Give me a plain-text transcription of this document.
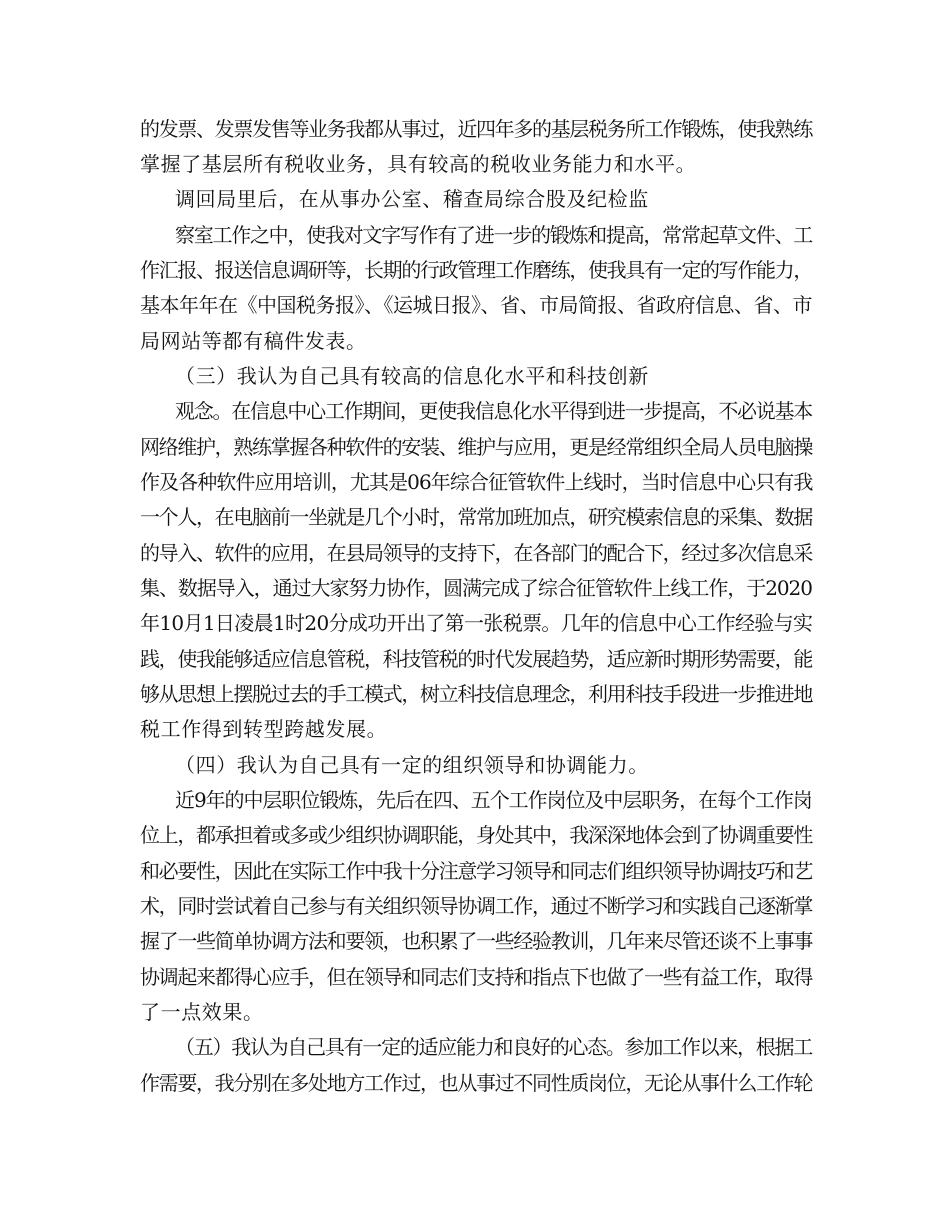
的发票、发票发售等业务我都从事过，近四年多的基层税务所工作锻炼，使我熟练
掌握了基层所有税收业务，具有较高的税收业务能力和水平。
调回局里后，在从事办公室、稽查局综合股及纪检监
察室工作之中，使我对文字写作有了进一步的锻炼和提高，常常起草文件、工
作汇报、报送信息调研等，长期的行政管理工作磨练，使我具有一定的写作能力，
基本年年在《中国税务报》、《运城日报》、省、市局简报、省政府信息、省、市
局网站等都有稿件发表。
（三）我认为自己具有较高的信息化水平和科技创新
观念。在信息中心工作期间，更使我信息化水平得到进一步提高，不必说基本
网络维护，熟练掌握各种软件的安装、维护与应用，更是经常组织全局人员电脑操
作及各种软件应用培训，尤其是06年综合征管软件上线时，当时信息中心只有我
一个人，在电脑前一坐就是几个小时，常常加班加点，研究模索信息的采集、数据
的导入、软件的应用，在县局领导的支持下，在各部门的配合下，经过多次信息采
集、数据导入，通过大家努力协作，圆满完成了综合征管软件上线工作，于2020
年10月1日凌晨1时20分成功开出了第一张税票。几年的信息中心工作经验与实
践，使我能够适应信息管税，科技管税的时代发展趋势，适应新时期形势需要，能
够从思想上摆脱过去的手工模式，树立科技信息理念，利用科技手段进一步推进地
税工作得到转型跨越发展。
（四）我认为自己具有一定的组织领导和协调能力。
近9年的中层职位锻炼，先后在四、五个工作岗位及中层职务，在每个工作岗
位上，都承担着或多或少组织协调职能，身处其中，我深深地体会到了协调重要性
和必要性，因此在实际工作中我十分注意学习领导和同志们组织领导协调技巧和艺
术，同时尝试着自己参与有关组织领导协调工作，通过不断学习和实践自己逐渐掌
握了一些简单协调方法和要领，也积累了一些经验教训，几年来尽管还谈不上事事
协调起来都得心应手，但在领导和同志们支持和指点下也做了一些有益工作，取得
了一点效果。
（五）我认为自己具有一定的适应能力和良好的心态。参加工作以来，根据工
作需要，我分别在多处地方工作过，也从事过不同性质岗位，无论从事什么工作轮
